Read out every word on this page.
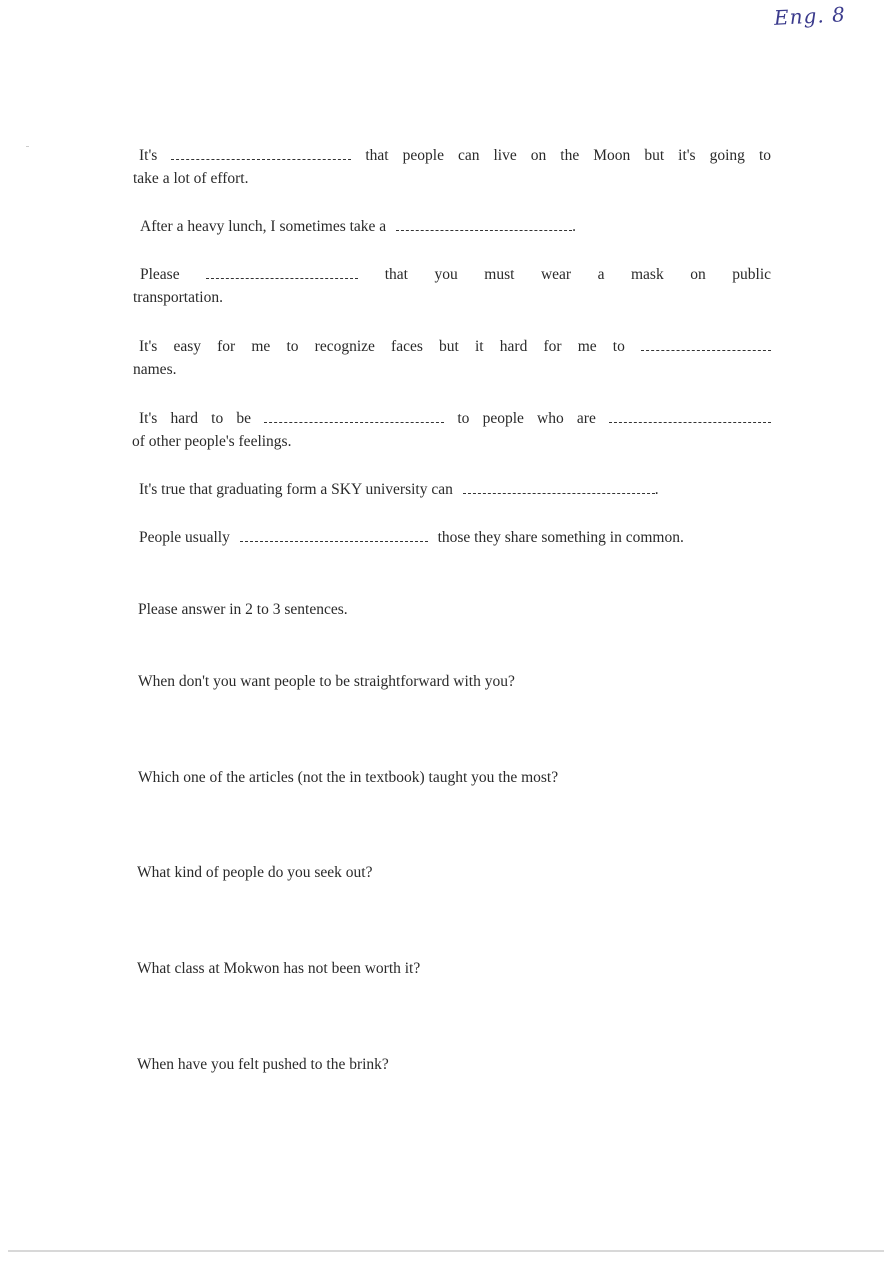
Eng. 8
It's	that people can live on the Moon but it's going to
take a lot of effort.
After a heavy lunch, I sometimes take a	.
Please	that you must wear a mask on public
transportation.
It's easy for me to recognize faces but it hard for me to
names.
It's hard to be	to people who are
of other people's feelings.
It's true that graduating form a SKY university can	.
People usually	those they share something in common.
Please answer in 2 to 3 sentences.
When don't you want people to be straightforward with you?
Which one of the articles (not the in textbook) taught you the most?
What kind of people do you seek out?
What class at Mokwon has not been worth it?
When have you felt pushed to the brink?
